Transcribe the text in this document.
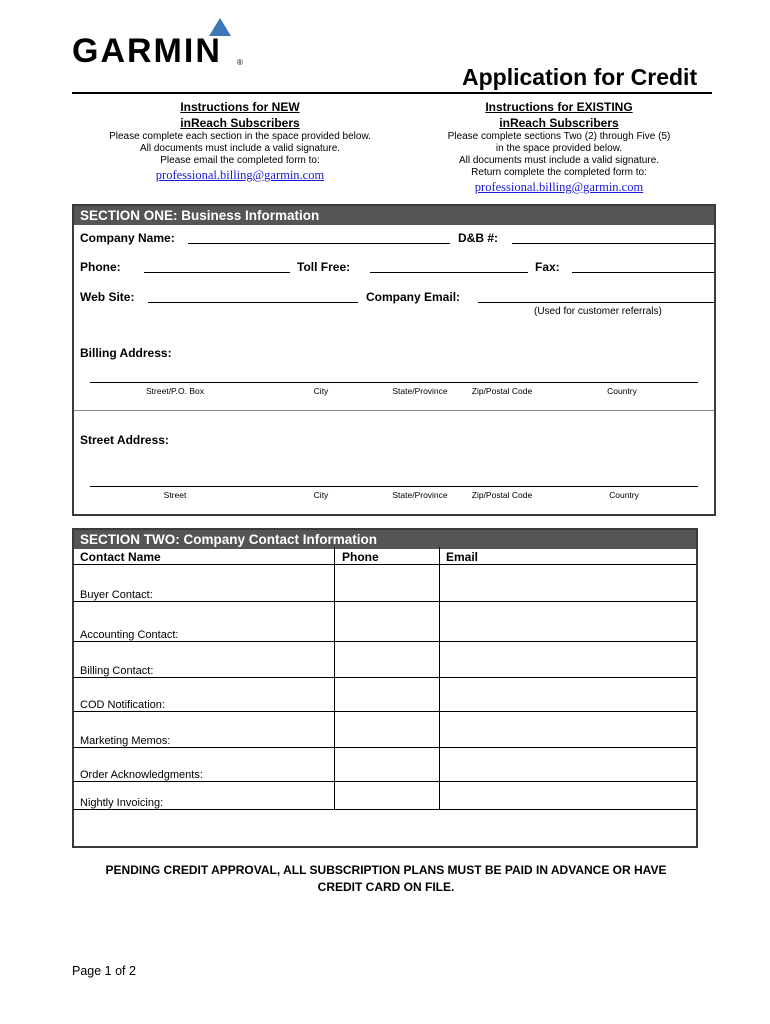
GARMIN ®
Application for Credit
Instructions for NEW
inReach Subscribers
Please complete each section in the space provided below.
All documents must include a valid signature.
Please email the completed form to:
professional.billing@garmin.com
Instructions for EXISTING
inReach Subscribers
Please complete sections Two (2) through Five (5)
in the space provided below.
All documents must include a valid signature.
Return complete the completed form to:
professional.billing@garmin.com
SECTION ONE: Business Information
Company Name:	D&B #:
Phone:	Toll Free:	Fax:
Web Site:	Company Email:
(Used for customer referrals)
Billing Address:
Street/P.O. Box	City	State/Province	Zip/Postal Code	Country
Street Address:
Street	City	State/Province	Zip/Postal Code	Country
SECTION TWO: Company Contact Information
Contact Name	Phone	Email
Buyer Contact:
Accounting Contact:
Billing Contact:
COD Notification:
Marketing Memos:
Order Acknowledgments:
Nightly Invoicing:
PENDING CREDIT APPROVAL, ALL SUBSCRIPTION PLANS MUST BE PAID IN ADVANCE OR HAVE
CREDIT CARD ON FILE.
Page 1 of 2
